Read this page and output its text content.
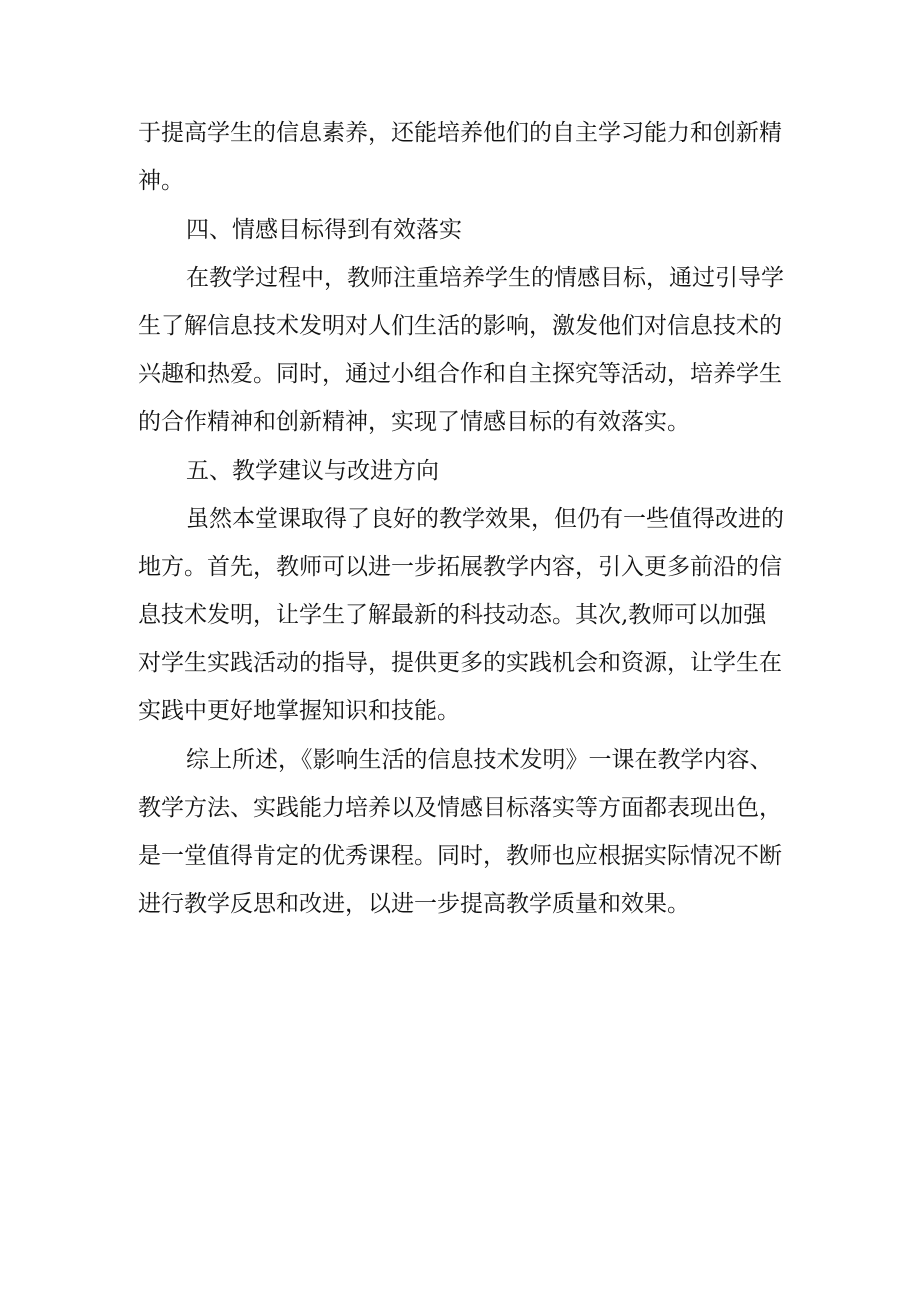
于提高学生的信息素养，还能培养他们的自主学习能力和创新精
神。
四、情感目标得到有效落实
在教学过程中，教师注重培养学生的情感目标，通过引导学
生了解信息技术发明对人们生活的影响，激发他们对信息技术的
兴趣和热爱。同时，通过小组合作和自主探究等活动，培养学生
的合作精神和创新精神，实现了情感目标的有效落实。
五、教学建议与改进方向
虽然本堂课取得了良好的教学效果，但仍有一些值得改进的
地方。首先，教师可以进一步拓展教学内容，引入更多前沿的信
息技术发明，让学生了解最新的科技动态。其次,教师可以加强
对学生实践活动的指导，提供更多的实践机会和资源，让学生在
实践中更好地掌握知识和技能。
综上所述，《影响生活的信息技术发明》一课在教学内容、
教学方法、实践能力培养以及情感目标落实等方面都表现出色，
是一堂值得肯定的优秀课程。同时，教师也应根据实际情况不断
进行教学反思和改进，以进一步提高教学质量和效果。
